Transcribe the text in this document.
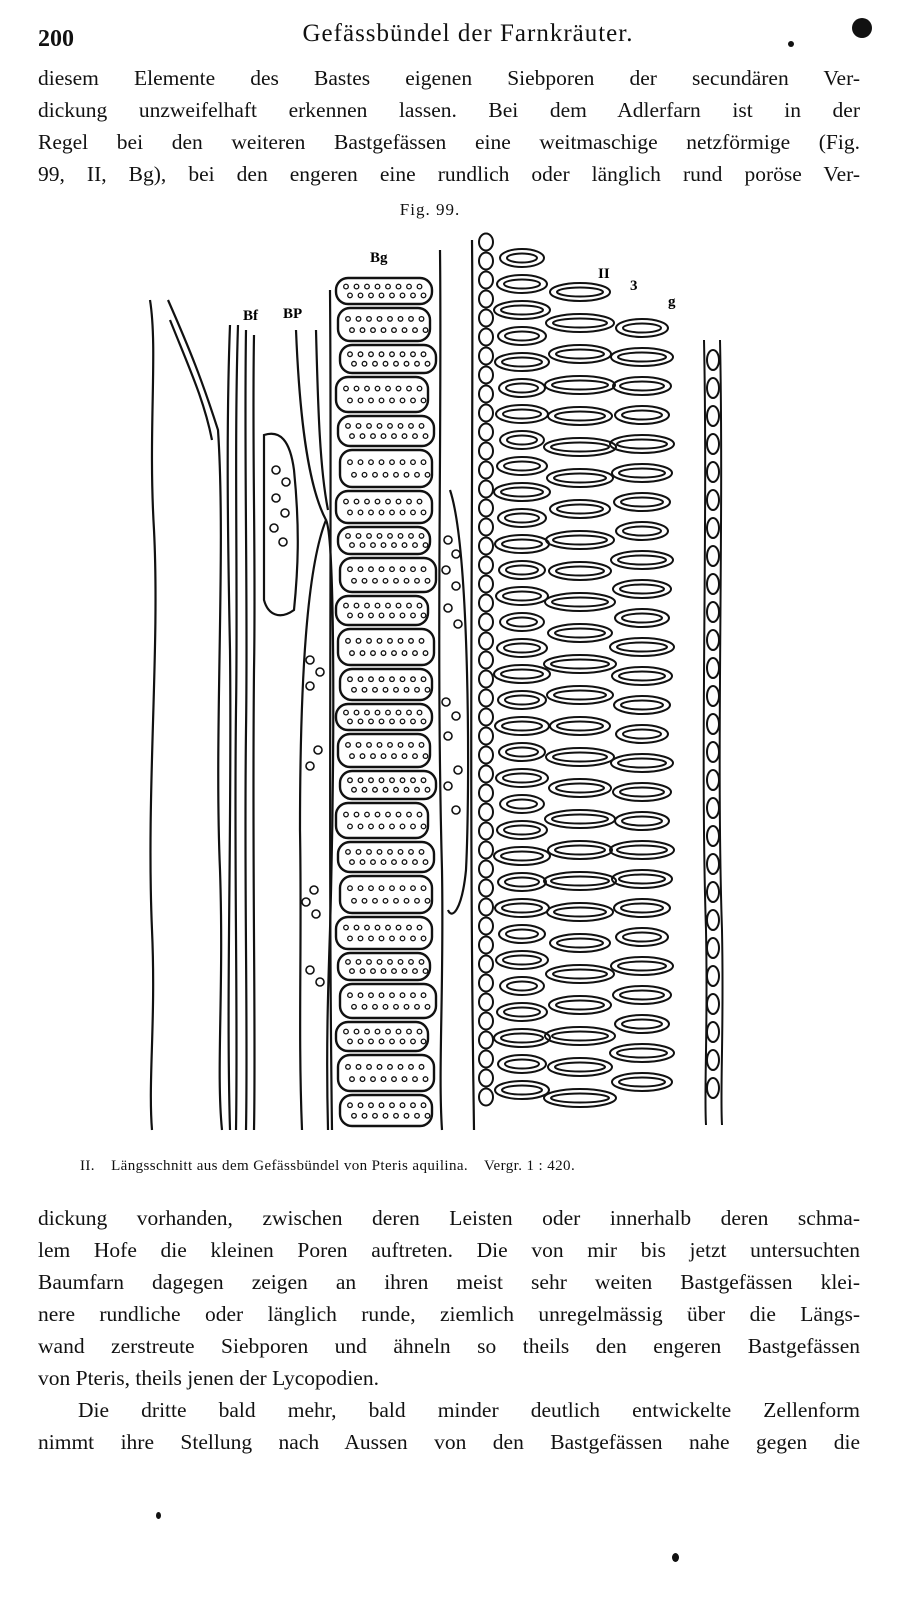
200	Gefässbündel der Farnkräuter.
diesem Elemente des Bastes eigenen Siebporen der secundären Ver-
dickung unzweifelhaft erkennen lassen. Bei dem Adlerfarn ist in der
Regel bei den weiteren Bastgefässen eine weitmaschige netzförmige (Fig.
99, II, Bg), bei den engeren eine rundlich oder länglich rund poröse Ver-
Fig. 99.
Bg
Bf BP
II
3
g
II. Längsschnitt aus dem Gefässbündel von Pteris aquilina. Vergr. 1 : 420.
dickung vorhanden, zwischen deren Leisten oder innerhalb deren schma-
lem Hofe die kleinen Poren auftreten. Die von mir bis jetzt untersuchten
Baumfarn dagegen zeigen an ihren meist sehr weiten Bastgefässen klei-
nere rundliche oder länglich runde, ziemlich unregelmässig über die Längs-
wand zerstreute Siebporen und ähneln so theils den engeren Bastgefässen
von Pteris, theils jenen der Lycopodien.
Die dritte bald mehr, bald minder deutlich entwickelte Zellenform
nimmt ihre Stellung nach Aussen von den Bastgefässen nahe gegen die
